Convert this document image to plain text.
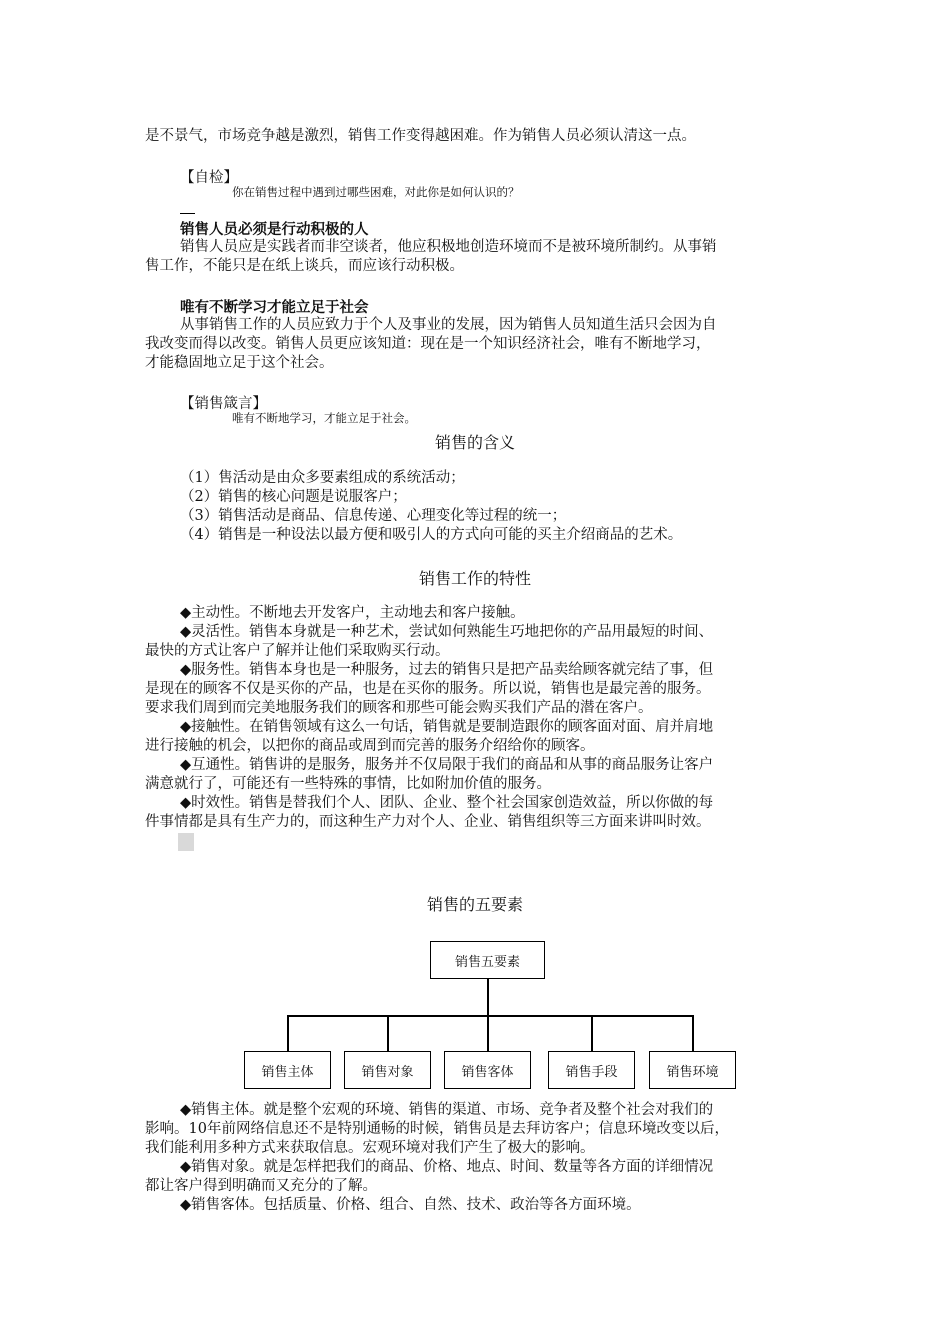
是不景气，市场竞争越是激烈，销售工作变得越困难。作为销售人员必须认清这一点。
【自检】
你在销售过程中遇到过哪些困难，对此你是如何认识的？
销售人员必须是行动积极的人
销售人员应是实践者而非空谈者，他应积极地创造环境而不是被环境所制约。从事销
售工作，不能只是在纸上谈兵，而应该行动积极。
唯有不断学习才能立足于社会
从事销售工作的人员应致力于个人及事业的发展，因为销售人员知道生活只会因为自
我改变而得以改变。销售人员更应该知道：现在是一个知识经济社会，唯有不断地学习，
才能稳固地立足于这个社会。
【销售箴言】
唯有不断地学习，才能立足于社会。
销售的含义
（1）售活动是由众多要素组成的系统活动；
（2）销售的核心问题是说服客户；
（3）销售活动是商品、信息传递、心理变化等过程的统一；
（4）销售是一种设法以最方便和吸引人的方式向可能的买主介绍商品的艺术。
销售工作的特性
◆主动性。不断地去开发客户，主动地去和客户接触。
◆灵活性。销售本身就是一种艺术，尝试如何熟能生巧地把你的产品用最短的时间、
最快的方式让客户了解并让他们采取购买行动。
◆服务性。销售本身也是一种服务，过去的销售只是把产品卖给顾客就完结了事，但
是现在的顾客不仅是买你的产品，也是在买你的服务。所以说，销售也是最完善的服务。
要求我们周到而完美地服务我们的顾客和那些可能会购买我们产品的潜在客户。
◆接触性。在销售领域有这么一句话，销售就是要制造跟你的顾客面对面、肩并肩地
进行接触的机会，以把你的商品或周到而完善的服务介绍给你的顾客。
◆互通性。销售讲的是服务，服务并不仅局限于我们的商品和从事的商品服务让客户
满意就行了，可能还有一些特殊的事情，比如附加价值的服务。
◆时效性。销售是替我们个人、团队、企业、整个社会国家创造效益，所以你做的每
件事情都是具有生产力的，而这种生产力对个人、企业、销售组织等三方面来讲叫时效。
销售的五要素
销售五要素
销售主体	销售对象	销售客体	销售手段	销售环境
◆销售主体。就是整个宏观的环境、销售的渠道、市场、竞争者及整个社会对我们的
影响。10年前网络信息还不是特别通畅的时候，销售员是去拜访客户；信息环境改变以后，
我们能利用多种方式来获取信息。宏观环境对我们产生了极大的影响。
◆销售对象。就是怎样把我们的商品、价格、地点、时间、数量等各方面的详细情况
都让客户得到明确而又充分的了解。
◆销售客体。包括质量、价格、组合、自然、技术、政治等各方面环境。
